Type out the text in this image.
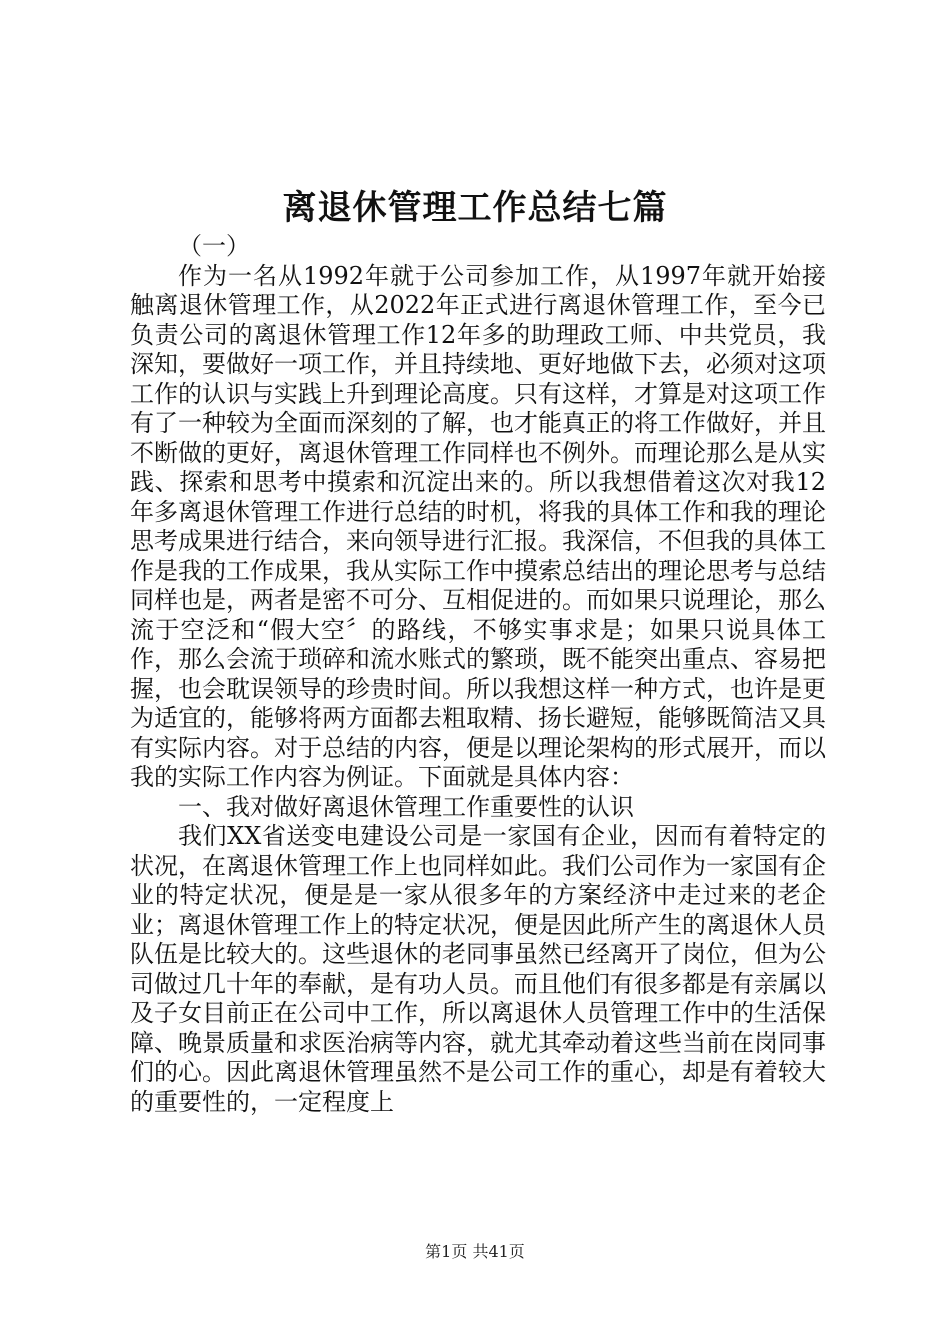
离退休管理工作总结七篇

（一）

作为一名从1992年就于公司参加工作，从1997年就开始接触离退休管理工作，从2022年正式进行离退休管理工作，至今已负责公司的离退休管理工作12年多的助理政工师、中共党员，我深知，要做好一项工作，并且持续地、更好地做下去，必须对这项工作的认识与实践上升到理论高度。只有这样，才算是对这项工作有了一种较为全面而深刻的了解，也才能真正的将工作做好，并且不断做的更好，离退休管理工作同样也不例外。而理论那么是从实践、探索和思考中摸索和沉淀出来的。所以我想借着这次对我12年多离退休管理工作进行总结的时机，将我的具体工作和我的理论思考成果进行结合，来向领导进行汇报。我深信，不但我的具体工作是我的工作成果，我从实际工作中摸索总结出的理论思考与总结同样也是，两者是密不可分、互相促进的。而如果只说理论，那么流于空泛和“假大空〞的路线，不够实事求是；如果只说具体工作，那么会流于琐碎和流水账式的繁琐，既不能突出重点、容易把握，也会耽误领导的珍贵时间。所以我想这样一种方式，也许是更为适宜的，能够将两方面都去粗取精、扬长避短，能够既简洁又具有实际内容。对于总结的内容，便是以理论架构的形式展开，而以我的实际工作内容为例证。下面就是具体内容：

一、我对做好离退休管理工作重要性的认识

我们XX省送变电建设公司是一家国有企业，因而有着特定的状况，在离退休管理工作上也同样如此。我们公司作为一家国有企业的特定状况，便是是一家从很多年的方案经济中走过来的老企业；离退休管理工作上的特定状况，便是因此所产生的离退休人员队伍是比较大的。这些退休的老同事虽然已经离开了岗位，但为公司做过几十年的奉献，是有功人员。而且他们有很多都是有亲属以及子女目前正在公司中工作，所以离退休人员管理工作中的生活保障、晚景质量和求医治病等内容，就尤其牵动着这些当前在岗同事们的心。因此离退休管理虽然不是公司工作的重心，却是有着较大的重要性的，一定程度上

第1页 共41页
